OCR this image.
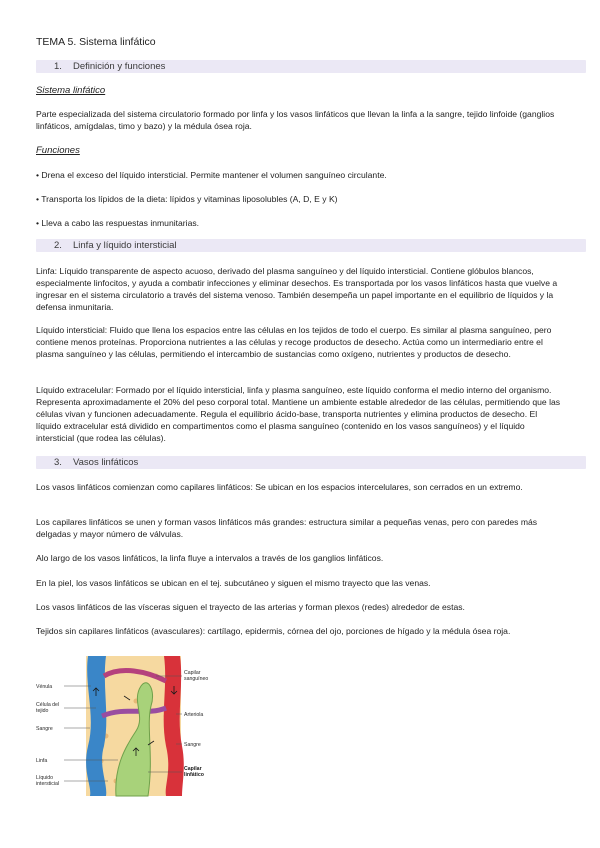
TEMA 5. Sistema linfático
1. Definición y funciones
Sistema linfático

Parte especializada del sistema circulatorio formado por linfa y los vasos linfáticos que llevan la linfa a la sangre, tejido linfoide (ganglios linfáticos, amígdalas, timo y bazo) y la médula ósea roja.

Funciones
• Drena el exceso del líquido intersticial. Permite mantener el volumen sanguíneo circulante.
• Transporta los lípidos de la dieta: lípidos y vitaminas liposolubles (A, D, E y K)
• Lleva a cabo las respuestas inmunitarias.
2. Linfa y líquido intersticial

Linfa: Líquido transparente de aspecto acuoso, derivado del plasma sanguíneo y del líquido intersticial. Contiene glóbulos blancos, especialmente linfocitos, y ayuda a combatir infecciones y eliminar desechos. Es transportada por los vasos linfáticos hasta que vuelve a ingresar en el sistema circulatorio a través del sistema venoso. También desempeña un papel importante en el equilibrio de líquidos y la defensa inmunitaria.

Líquido intersticial: Fluido que llena los espacios entre las células en los tejidos de todo el cuerpo. Es similar al plasma sanguíneo, pero contiene menos proteínas. Proporciona nutrientes a las células y recoge productos de desecho. Actúa como un intermediario entre el plasma sanguíneo y las células, permitiendo el intercambio de sustancias como oxígeno, nutrientes y productos de desecho.

Líquido extracelular: Formado por el líquido intersticial, linfa y plasma sanguíneo, este líquido conforma el medio interno del organismo. Representa aproximadamente el 20% del peso corporal total. Mantiene un ambiente estable alrededor de las células, permitiendo que las células vivan y funcionen adecuadamente. Regula el equilibrio ácido-base, transporta nutrientes y elimina productos de desecho. El líquido extracelular está dividido en compartimentos como el plasma sanguíneo (contenido en los vasos sanguíneos) y el líquido intersticial (que rodea las células).

3. Vasos linfáticos

Los vasos linfáticos comienzan como capilares linfáticos: Se ubican en los espacios intercelulares, son cerrados en un extremo.

Los capilares linfáticos se unen y forman vasos linfáticos más grandes: estructura similar a pequeñas venas, pero con paredes más delgadas y mayor número de válvulas.

Alo largo de los vasos linfáticos, la linfa fluye a intervalos a través de los ganglios linfáticos.

En la piel, los vasos linfáticos se ubican en el tej. subcutáneo y siguen el mismo trayecto que las venas.

Los vasos linfáticos de las vísceras siguen el trayecto de las arterias y forman plexos (redes) alrededor de estas.

Tejidos sin capilares linfáticos (avasculares): cartílago, epidermis, córnea del ojo, porciones de hígado y la médula ósea roja.

Vénula
Célula del
tejido
Sangre
Linfa
Líquido
intersticial
Capilar
sanguíneo
Arteriola
Sangre
Capilar
linfático
